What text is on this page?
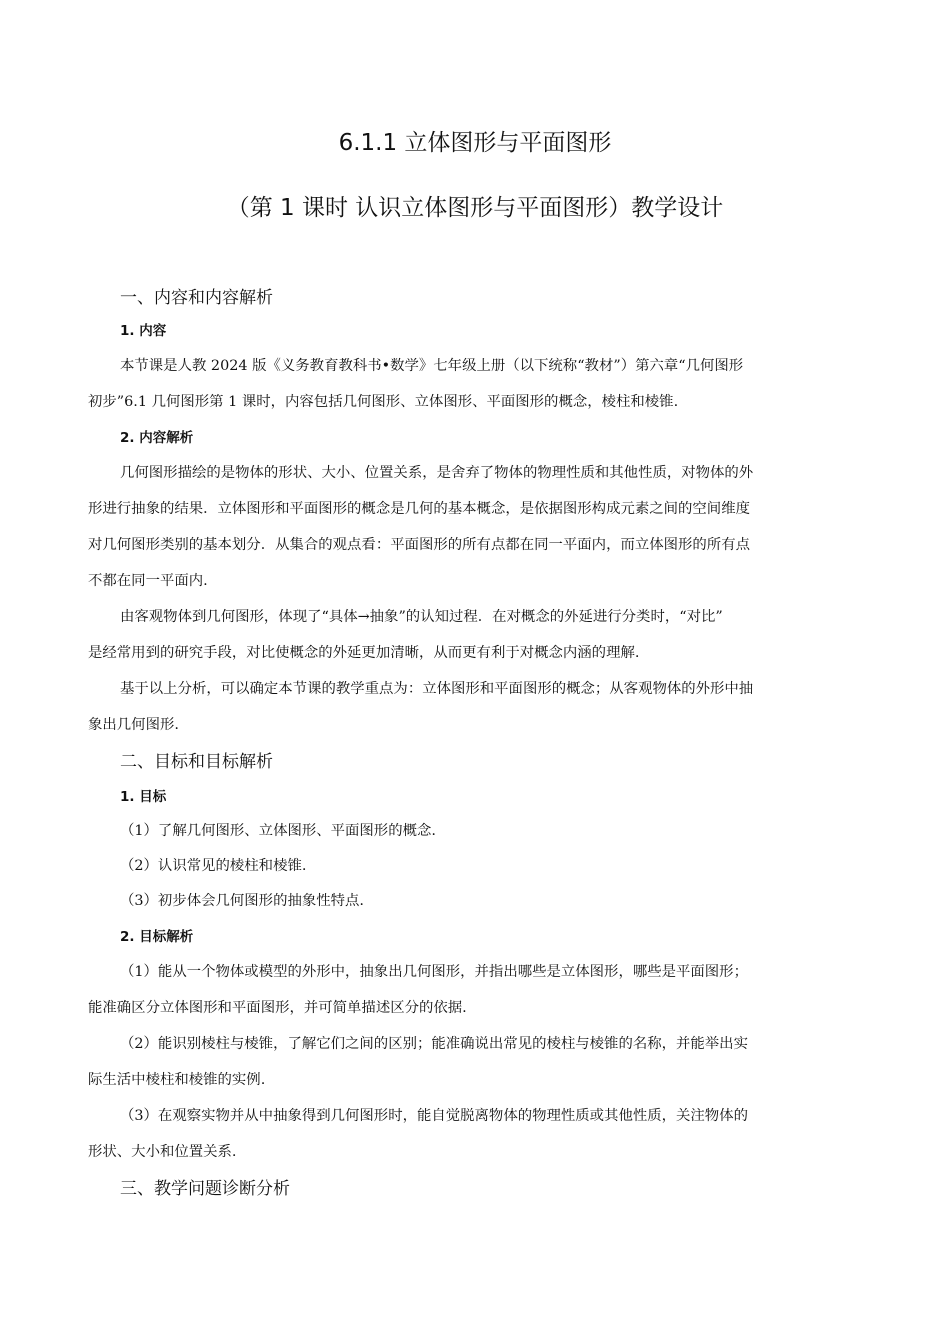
6.1.1 立体图形与平面图形
（第 1 课时 认识立体图形与平面图形）教学设计
一、内容和内容解析
1. 内容
本节课是人教 2024 版《义务教育教科书•数学》七年级上册（以下统称“教材”）第六章“几何图形
初步”6.1 几何图形第 1 课时，内容包括几何图形、立体图形、平面图形的概念，棱柱和棱锥.
2. 内容解析
几何图形描绘的是物体的形状、大小、位置关系，是舍弃了物体的物理性质和其他性质，对物体的外
形进行抽象的结果．立体图形和平面图形的概念是几何的基本概念，是依据图形构成元素之间的空间维度
对几何图形类别的基本划分．从集合的观点看：平面图形的所有点都在同一平面内，而立体图形的所有点
不都在同一平面内.
由客观物体到几何图形，体现了“具体→抽象”的认知过程．在对概念的外延进行分类时，“对比”
是经常用到的研究手段，对比使概念的外延更加清晰，从而更有利于对概念内涵的理解.
基于以上分析，可以确定本节课的教学重点为：立体图形和平面图形的概念；从客观物体的外形中抽
象出几何图形.
二、目标和目标解析
1. 目标
（1）了解几何图形、立体图形、平面图形的概念.
（2）认识常见的棱柱和棱锥.
（3）初步体会几何图形的抽象性特点.
2. 目标解析
（1）能从一个物体或模型的外形中，抽象出几何图形，并指出哪些是立体图形，哪些是平面图形；
能准确区分立体图形和平面图形，并可简单描述区分的依据.
（2）能识别棱柱与棱锥，了解它们之间的区别；能准确说出常见的棱柱与棱锥的名称，并能举出实
际生活中棱柱和棱锥的实例.
（3）在观察实物并从中抽象得到几何图形时，能自觉脱离物体的物理性质或其他性质，关注物体的
形状、大小和位置关系.
三、教学问题诊断分析
